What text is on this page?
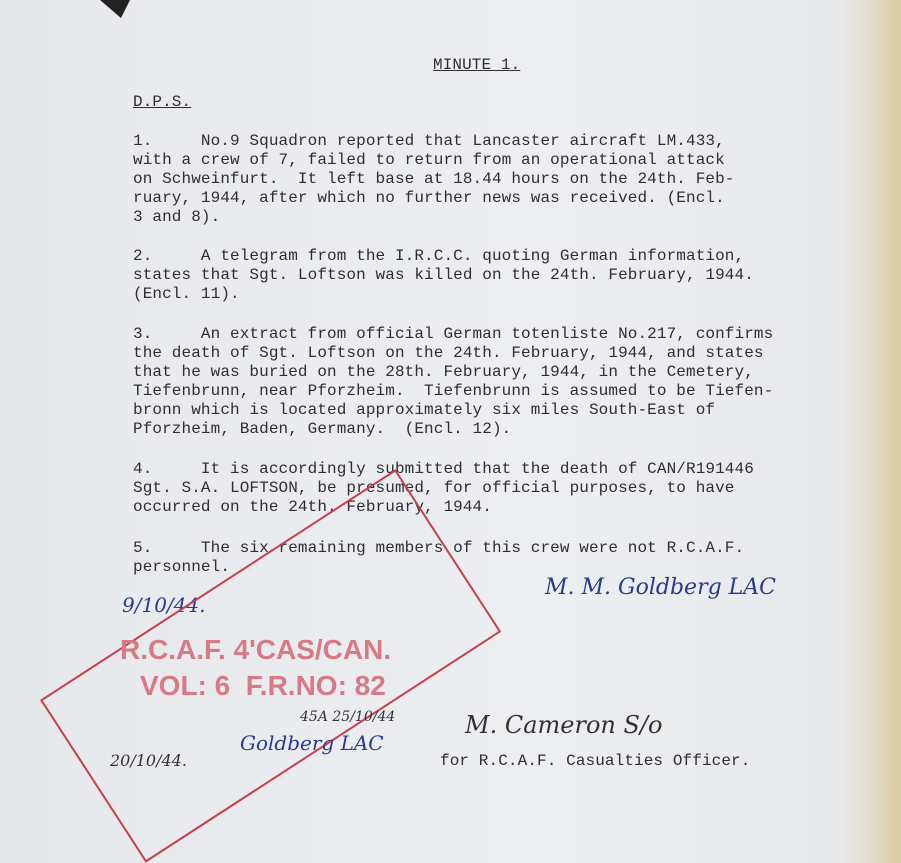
MINUTE 1.
D.P.S.
1.     No.9 Squadron reported that Lancaster aircraft LM.433,
with a crew of 7, failed to return from an operational attack
on Schweinfurt.  It left base at 18.44 hours on the 24th. Feb-
ruary, 1944, after which no further news was received. (Encl.
3 and 8).
2.     A telegram from the I.R.C.C. quoting German information,
states that Sgt. Loftson was killed on the 24th. February, 1944.
(Encl. 11).
3.     An extract from official German totenliste No.217, confirms
the death of Sgt. Loftson on the 24th. February, 1944, and states
that he was buried on the 28th. February, 1944, in the Cemetery,
Tiefenbrunn, near Pforzheim.  Tiefenbrunn is assumed to be Tiefen-
bronn which is located approximately six miles South-East of
Pforzheim, Baden, Germany.  (Encl. 12).
4.     It is accordingly submitted that the death of CAN/R191446
Sgt. S.A. LOFTSON, be presumed, for official purposes, to have
occurred on the 24th. February, 1944.
5.     The six remaining members of this crew were not R.C.A.F.
personnel.
9/10/44.
M. M. Goldberg LAC
R.C.A.F. 4'CAS/CAN.
VOL: 6  F.R.NO: 82
45A 25/10/44
Goldberg LAC
20/10/44.
M. Cameron S/o
for R.C.A.F. Casualties Officer.
